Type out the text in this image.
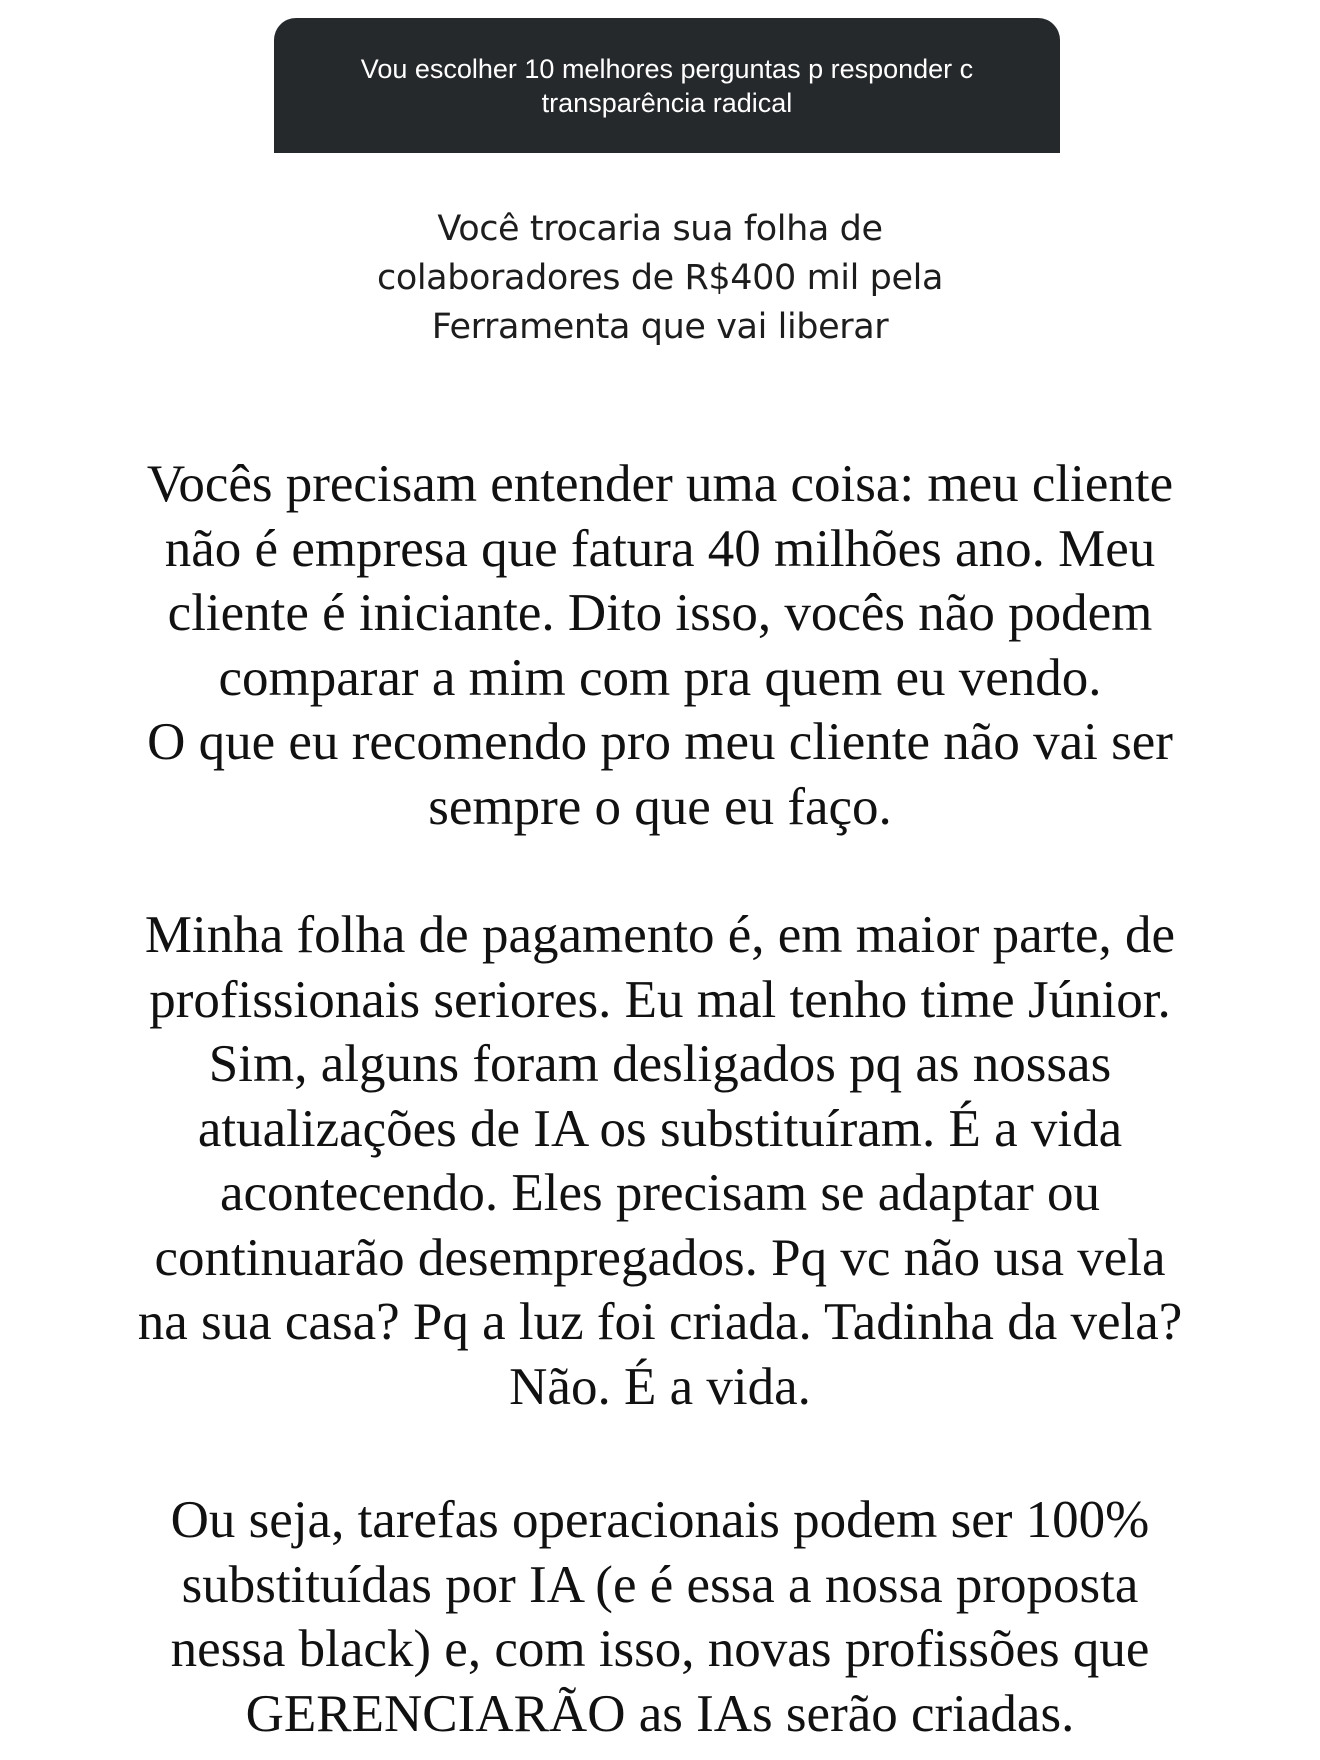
Vou escolher 10 melhores perguntas p responder c
transparência radical

Você trocaria sua folha de
colaboradores de R$400 mil pela
Ferramenta que vai liberar

Vocês precisam entender uma coisa: meu cliente
não é empresa que fatura 40 milhões ano. Meu
cliente é iniciante. Dito isso, vocês não podem
comparar a mim com pra quem eu vendo.
O que eu recomendo pro meu cliente não vai ser
sempre o que eu faço.

Minha folha de pagamento é, em maior parte, de
profissionais seriores. Eu mal tenho time Júnior.
Sim, alguns foram desligados pq as nossas
atualizações de IA os substituíram. É a vida
acontecendo. Eles precisam se adaptar ou
continuarão desempregados. Pq vc não usa vela
na sua casa? Pq a luz foi criada. Tadinha da vela?
Não. É a vida.

Ou seja, tarefas operacionais podem ser 100%
substituídas por IA (e é essa a nossa proposta
nessa black) e, com isso, novas profissões que
GERENCIARÃO as IAs serão criadas.
